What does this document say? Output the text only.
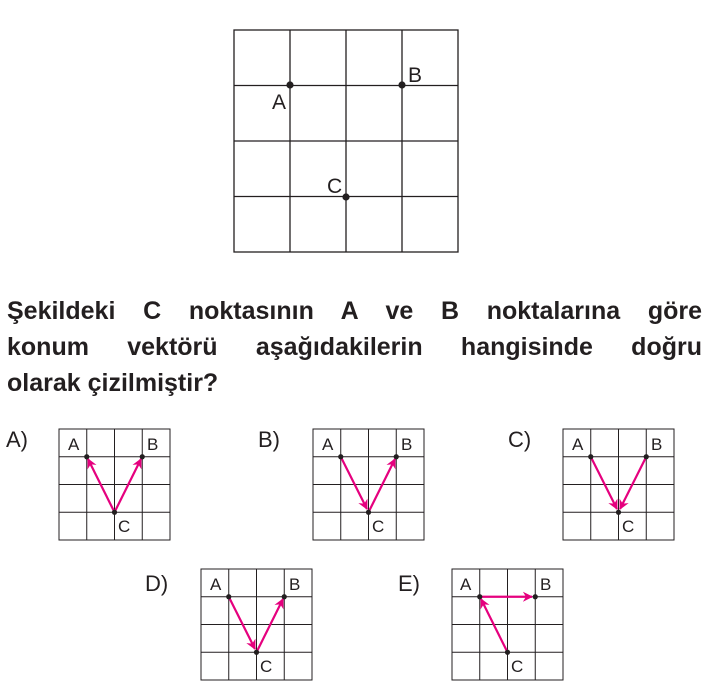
A
B
C
A) A	B
C
B) A	B
C
C) A	B
C
D) A	B
C
E) A	B
C
Şekildeki C noktasının A ve B noktalarına göre
konum vektörü aşağıdakilerin hangisinde doğru
olarak çizilmiştir?
